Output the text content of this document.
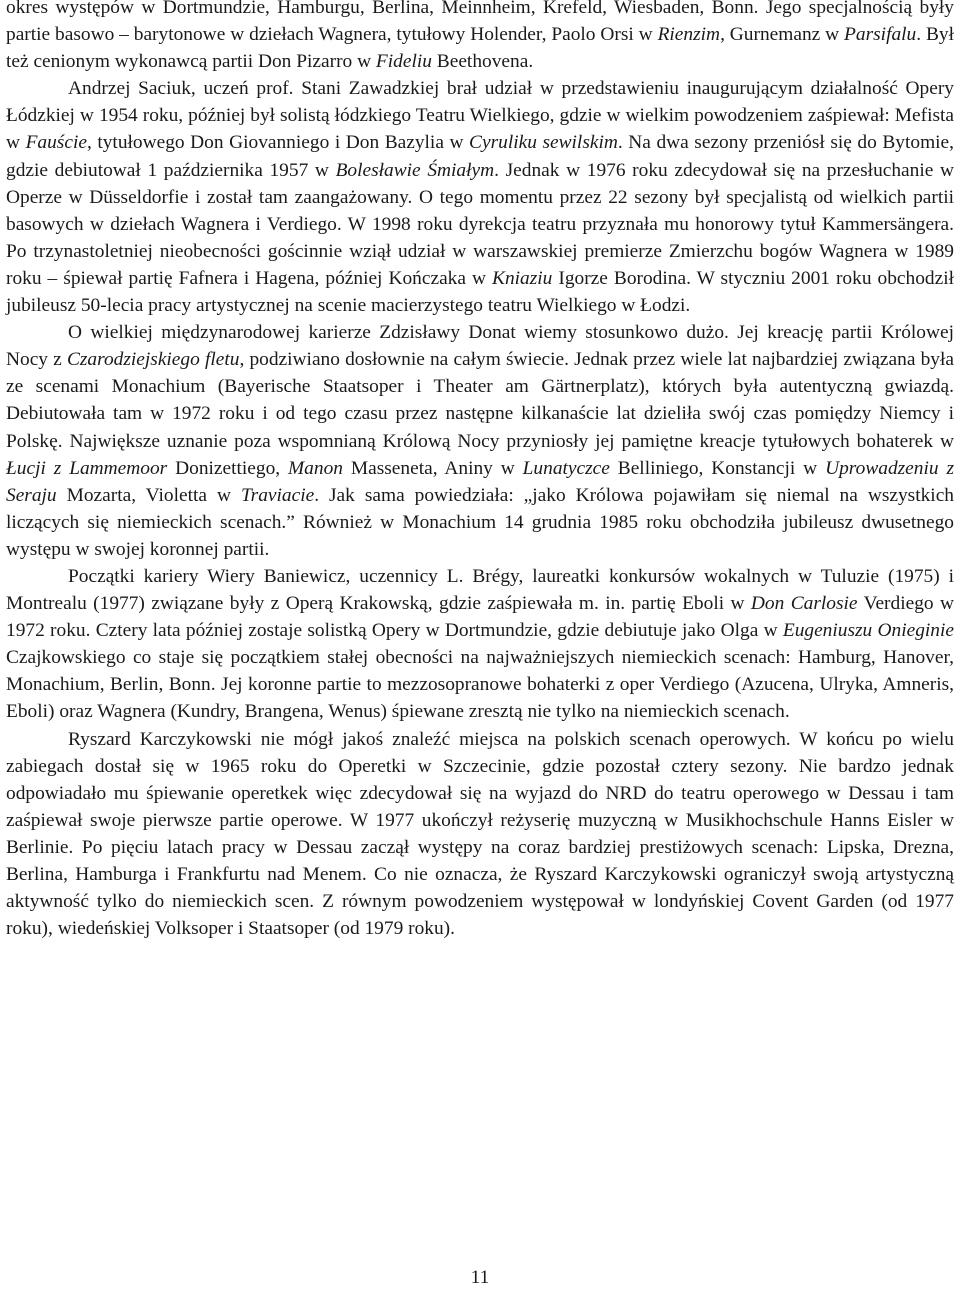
okres występów w Dortmundzie, Hamburgu, Berlina, Meinnheim, Krefeld, Wiesbaden, Bonn. Jego specjalnością były partie basowo – barytonowe w dziełach Wagnera, tytułowy Holender, Paolo Orsi w Rienzim, Gurnemanz w Parsifalu. Był też cenionym wykonawcą partii Don Pizarro w Fideliu Beethovena.

Andrzej Saciuk, uczeń prof. Stani Zawadzkiej brał udział w przedstawieniu inaugurującym działalność Opery Łódzkiej w 1954 roku, później był solistą łódzkiego Teatru Wielkiego, gdzie w wielkim powodzeniem zaśpiewał: Mefista w Fauście, tytułowego Don Giovanniego i Don Bazylia w Cyruliku sewilskim. Na dwa sezony przeniósł się do Bytomie, gdzie debiutował 1 października 1957 w Bolesławie Śmiałym. Jednak w 1976 roku zdecydował się na przesłuchanie w Operze w Düsseldorfie i został tam zaangażowany. O tego momentu przez 22 sezony był specjalistą od wielkich partii basowych w dziełach Wagnera i Verdiego. W 1998 roku dyrekcja teatru przyznała mu honorowy tytuł Kammersängera. Po trzynastoletniej nieobecności gościnnie wziął udział w warszawskiej premierze Zmierzchu bogów Wagnera w 1989 roku – śpiewał partię Fafnera i Hagena, później Kończaka w Kniaziu Igorze Borodina. W styczniu 2001 roku obchodził jubileusz 50-lecia pracy artystycznej na scenie macierzystego teatru Wielkiego w Łodzi.

O wielkiej międzynarodowej karierze Zdzisławy Donat wiemy stosunkowo dużo. Jej kreację partii Królowej Nocy z Czarodziejskiego fletu, podziwiano dosłownie na całym świecie. Jednak przez wiele lat najbardziej związana była ze scenami Monachium (Bayerische Staatsoper i Theater am Gärtnerplatz), których była autentyczną gwiazdą. Debiutowała tam w 1972 roku i od tego czasu przez następne kilkanaście lat dzieliła swój czas pomiędzy Niemcy i Polskę. Największe uznanie poza wspomnianą Królową Nocy przyniosły jej pamiętne kreacje tytułowych bohaterek w Łucji z Lammemoor Donizettiego, Manon Masseneta, Aniny w Lunatyczce Belliniego, Konstancji w Uprowadzeniu z Seraju Mozarta, Violetta w Traviacie. Jak sama powiedziała: „jako Królowa pojawiłam się niemal na wszystkich liczących się niemieckich scenach.” Również w Monachium 14 grudnia 1985 roku obchodziła jubileusz dwusetnego występu w swojej koronnej partii.

Początki kariery Wiery Baniewicz, uczennicy L. Brégy, laureatki konkursów wokalnych w Tuluzie (1975) i Montrealu (1977) związane były z Operą Krakowską, gdzie zaśpiewała m. in. partię Eboli w Don Carlosie Verdiego w 1972 roku. Cztery lata później zostaje solistką Opery w Dortmundzie, gdzie debiutuje jako Olga w Eugeniuszu Onieginie Czajkowskiego co staje się początkiem stałej obecności na najważniejszych niemieckich scenach: Hamburg, Hanover, Monachium, Berlin, Bonn. Jej koronne partie to mezzosopranowe bohaterki z oper Verdiego (Azucena, Ulryka, Amneris, Eboli) oraz Wagnera (Kundry, Brangena, Wenus) śpiewane zresztą nie tylko na niemieckich scenach.

Ryszard Karczykowski nie mógł jakoś znaleźć miejsca na polskich scenach operowych. W końcu po wielu zabiegach dostał się w 1965 roku do Operetki w Szczecinie, gdzie pozostał cztery sezony. Nie bardzo jednak odpowiadało mu śpiewanie operetkek więc zdecydował się na wyjazd do NRD do teatru operowego w Dessau i tam zaśpiewał swoje pierwsze partie operowe. W 1977 ukończył reżyserię muzyczną w Musikhochschule Hanns Eisler w Berlinie. Po pięciu latach pracy w Dessau zaczął występy na coraz bardziej prestiżowych scenach: Lipska, Drezna, Berlina, Hamburga i Frankfurtu nad Menem. Co nie oznacza, że Ryszard Karczykowski ograniczył swoją artystyczną aktywność tylko do niemieckich scen. Z równym powodzeniem występował w londyńskiej Covent Garden (od 1977 roku), wiedeńskiej Volksoper i Staatsoper (od 1979 roku).

11
